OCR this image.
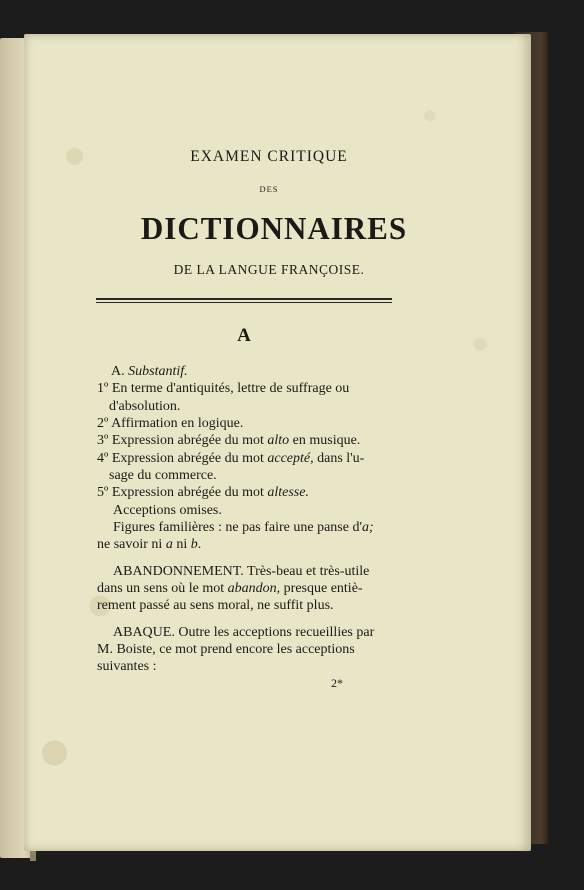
EXAMEN CRITIQUE
DES
DICTIONNAIRES
DE LA LANGUE FRANÇOISE.
A
A. Substantif.
1º En terme d'antiquités, lettre de suffrage ou
d'absolution.
2º Affirmation en logique.
3º Expression abrégée du mot alto en musique.
4º Expression abrégée du mot accepté, dans l'u-
sage du commerce.
5º Expression abrégée du mot altesse.
Acceptions omises.
Figures familières : ne pas faire une panse d'a;
ne savoir ni a ni b.
ABANDONNEMENT. Très-beau et très-utile
dans un sens où le mot abandon, presque entiè-
rement passé au sens moral, ne suffit plus.
ABAQUE. Outre les acceptions recueillies par
M. Boiste, ce mot prend encore les acceptions
suivantes :
2*
